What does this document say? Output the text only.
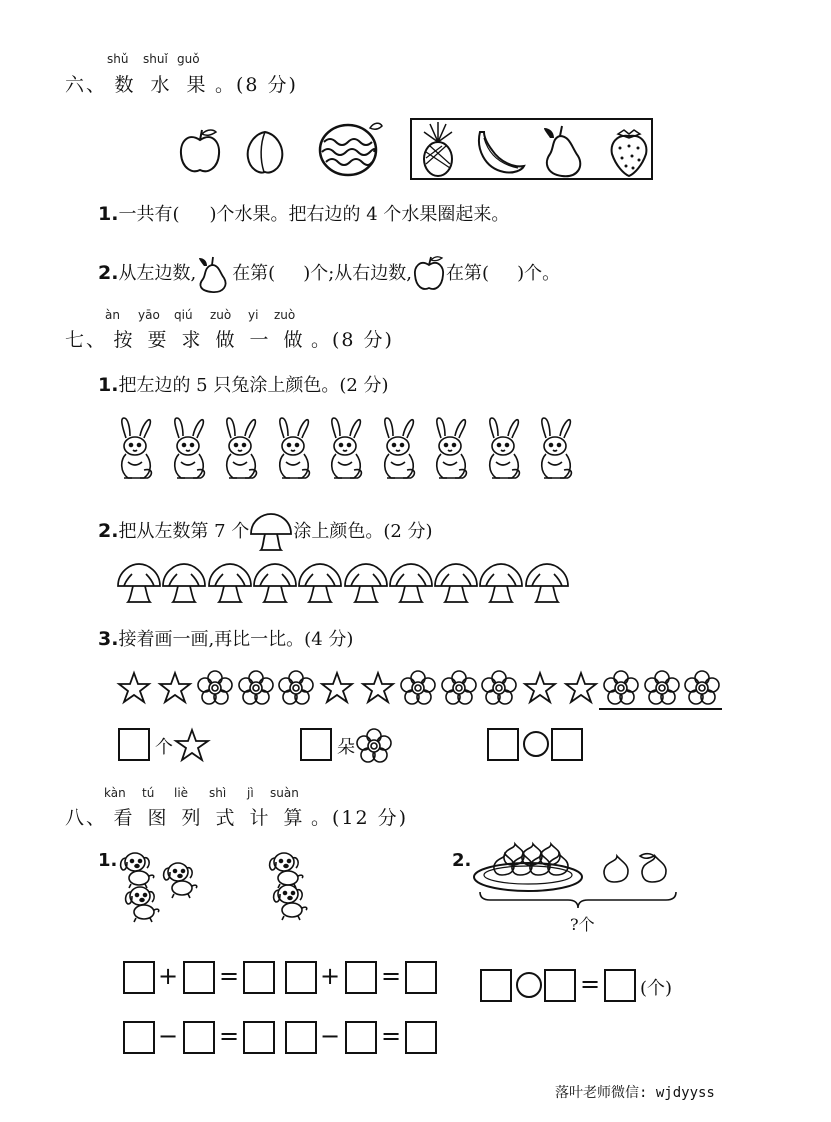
shǔ shuǐ guǒ
六、 数 水 果 。(8 分)
1.一共有( )个水果。把右边的 4 个水果圈起来。
2.从左边数, 在第( )个;从右边数, 在第( )个。
àn yāo qiú zuò yi zuò
七、 按 要 求 做 一 做 。(8 分)
1.把左边的 5 只兔涂上颜色。(2 分)
2.把从左数第 7 个 涂上颜色。(2 分)
3.接着画一画,再比一比。(4 分)
个	朵
kàn tú liè shì jì suàn
八、 看 图 列 式 计 算 。(12 分)
1.	2.
?个
+ =	+ =
− =	− =
= (个)
落叶老师微信: wjdyyss
